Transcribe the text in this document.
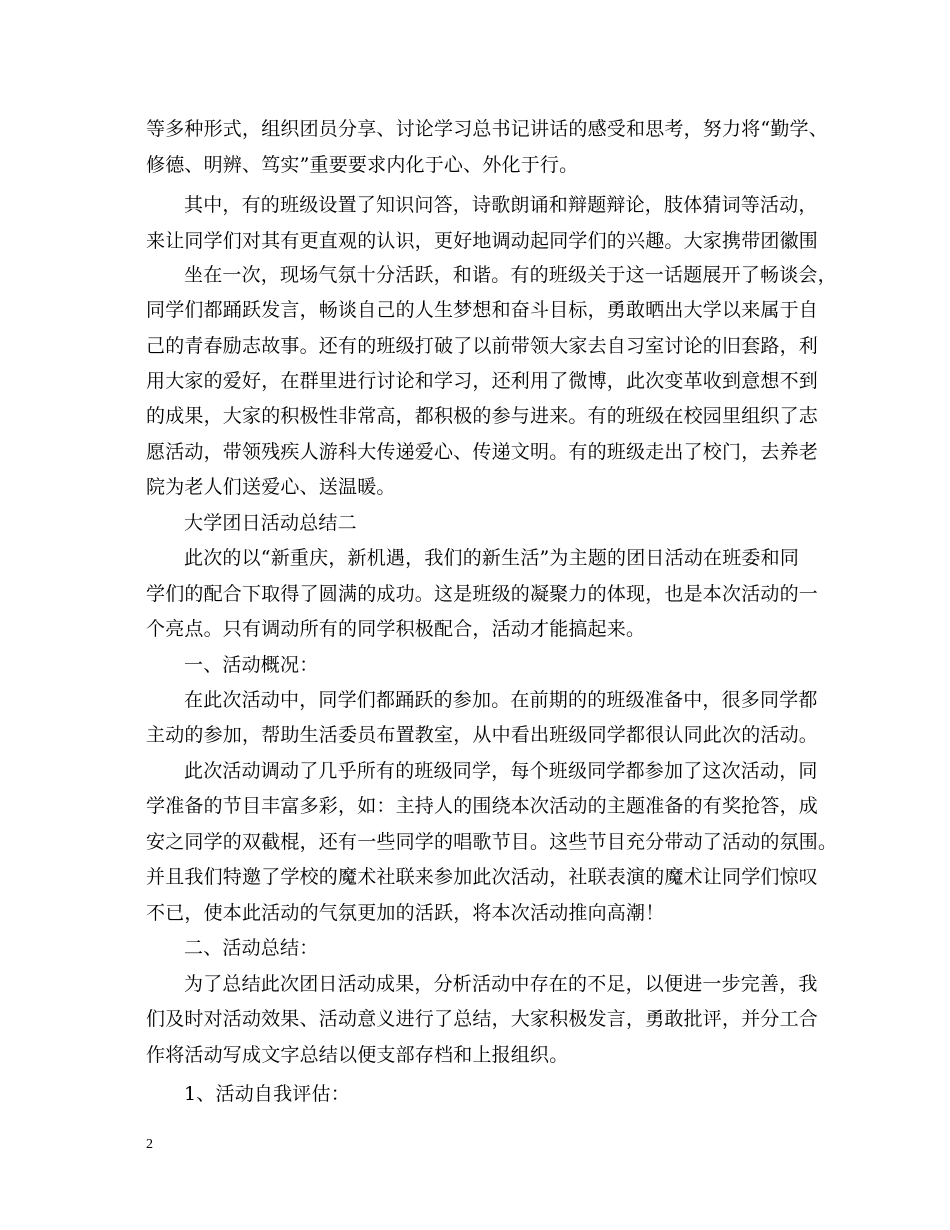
等多种形式，组织团员分享、讨论学习总书记讲话的感受和思考，努力将“勤学、
修德、明辨、笃实”重要要求内化于心、外化于行。
其中，有的班级设置了知识问答，诗歌朗诵和辩题辩论，肢体猜词等活动，
来让同学们对其有更直观的认识，更好地调动起同学们的兴趣。大家携带团徽围
坐在一次，现场气氛十分活跃，和谐。有的班级关于这一话题展开了畅谈会，
同学们都踊跃发言，畅谈自己的人生梦想和奋斗目标，勇敢晒出大学以来属于自
己的青春励志故事。还有的班级打破了以前带领大家去自习室讨论的旧套路，利
用大家的爱好，在群里进行讨论和学习，还利用了微博，此次变革收到意想不到
的成果，大家的积极性非常高，都积极的参与进来。有的班级在校园里组织了志
愿活动，带领残疾人游科大传递爱心、传递文明。有的班级走出了校门，去养老
院为老人们送爱心、送温暖。
大学团日活动总结二
此次的以“新重庆，新机遇，我们的新生活”为主题的团日活动在班委和同
学们的配合下取得了圆满的成功。这是班级的凝聚力的体现，也是本次活动的一
个亮点。只有调动所有的同学积极配合，活动才能搞起来。
一、活动概况：
在此次活动中，同学们都踊跃的参加。在前期的的班级准备中，很多同学都
主动的参加，帮助生活委员布置教室，从中看出班级同学都很认同此次的活动。
此次活动调动了几乎所有的班级同学，每个班级同学都参加了这次活动，同
学准备的节目丰富多彩，如：主持人的围绕本次活动的主题准备的有奖抢答，成
安之同学的双截棍，还有一些同学的唱歌节目。这些节目充分带动了活动的氛围。
并且我们特邀了学校的魔术社联来参加此次活动，社联表演的魔术让同学们惊叹
不已，使本此活动的气氛更加的活跃，将本次活动推向高潮！
二、活动总结：
为了总结此次团日活动成果，分析活动中存在的不足，以便进一步完善，我
们及时对活动效果、活动意义进行了总结，大家积极发言，勇敢批评，并分工合
作将活动写成文字总结以便支部存档和上报组织。
1、活动自我评估：
2
